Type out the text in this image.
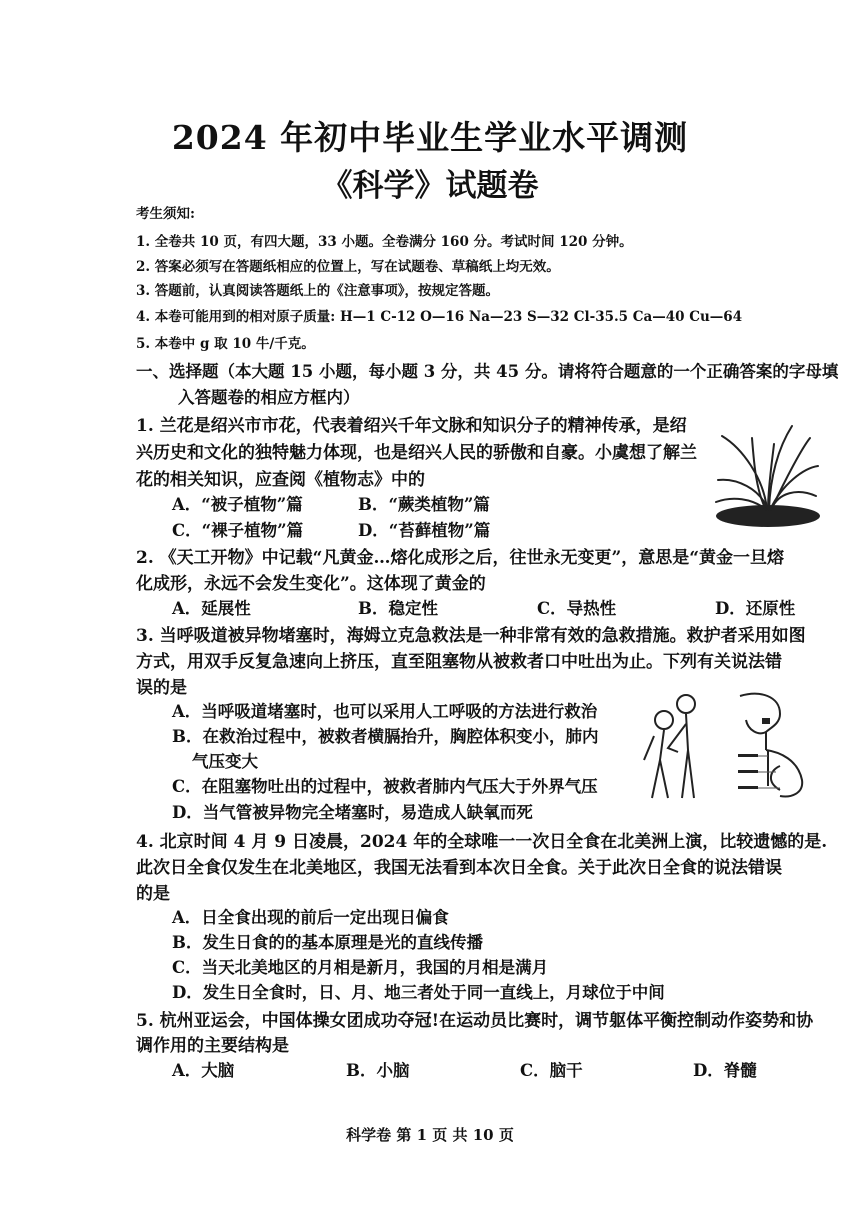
2024 年初中毕业生学业水平调测
《科学》试题卷
考生须知:
1. 全卷共 10 页，有四大题，33 小题。全卷满分 160 分。考试时间 120 分钟。
2. 答案必须写在答题纸相应的位置上，写在试题卷、草稿纸上均无效。
3. 答题前，认真阅读答题纸上的《注意事项》，按规定答题。
4. 本卷可能用到的相对原子质量: H—1 C-12 O—16 Na—23 S—32 Cl-35.5 Ca—40 Cu—64
5. 本卷中 g 取 10 牛/千克。
一、选择题（本大题 15 小题，每小题 3 分，共 45 分。请将符合题意的一个正确答案的字母填
入答题卷的相应方框内）
1. 兰花是绍兴市市花，代表着绍兴千年文脉和知识分子的精神传承，是绍
兴历史和文化的独特魅力体现，也是绍兴人民的骄傲和自豪。小虞想了解兰
花的相关知识，应查阅《植物志》中的
A．“被子植物”篇	B．“蕨类植物”篇
C．“裸子植物”篇	D．“苔藓植物”篇
2. 《天工开物》中记载“凡黄金…熔化成形之后，往世永无变更”，意思是“黄金一旦熔
化成形，永远不会发生变化”。这体现了黄金的
A．延展性	B．稳定性	C．导热性	D．还原性
3. 当呼吸道被异物堵塞时，海姆立克急救法是一种非常有效的急救措施。救护者采用如图
方式，用双手反复急速向上挤压，直至阻塞物从被救者口中吐出为止。下列有关说法错
误的是
A．当呼吸道堵塞时，也可以采用人工呼吸的方法进行救治
B．在救治过程中，被救者横膈抬升，胸腔体积变小，肺内
气压变大
C．在阻塞物吐出的过程中，被救者肺内气压大于外界气压
D．当气管被异物完全堵塞时，易造成人缺氧而死
4. 北京时间 4 月 9 日凌晨，2024 年的全球唯一一次日全食在北美洲上演，比较遗憾的是.
此次日全食仅发生在北美地区，我国无法看到本次日全食。关于此次日全食的说法错误
的是
A．日全食出现的前后一定出现日偏食
B．发生日食的的基本原理是光的直线传播
C．当天北美地区的月相是新月，我国的月相是满月
D．发生日全食时，日、月、地三者处于同一直线上，月球位于中间
5. 杭州亚运会，中国体操女团成功夺冠!在运动员比赛时，调节躯体平衡控制动作姿势和协
调作用的主要结构是
A．大脑	B．小脑	C．脑干	D．脊髓
科学卷 第 1 页 共 10 页
